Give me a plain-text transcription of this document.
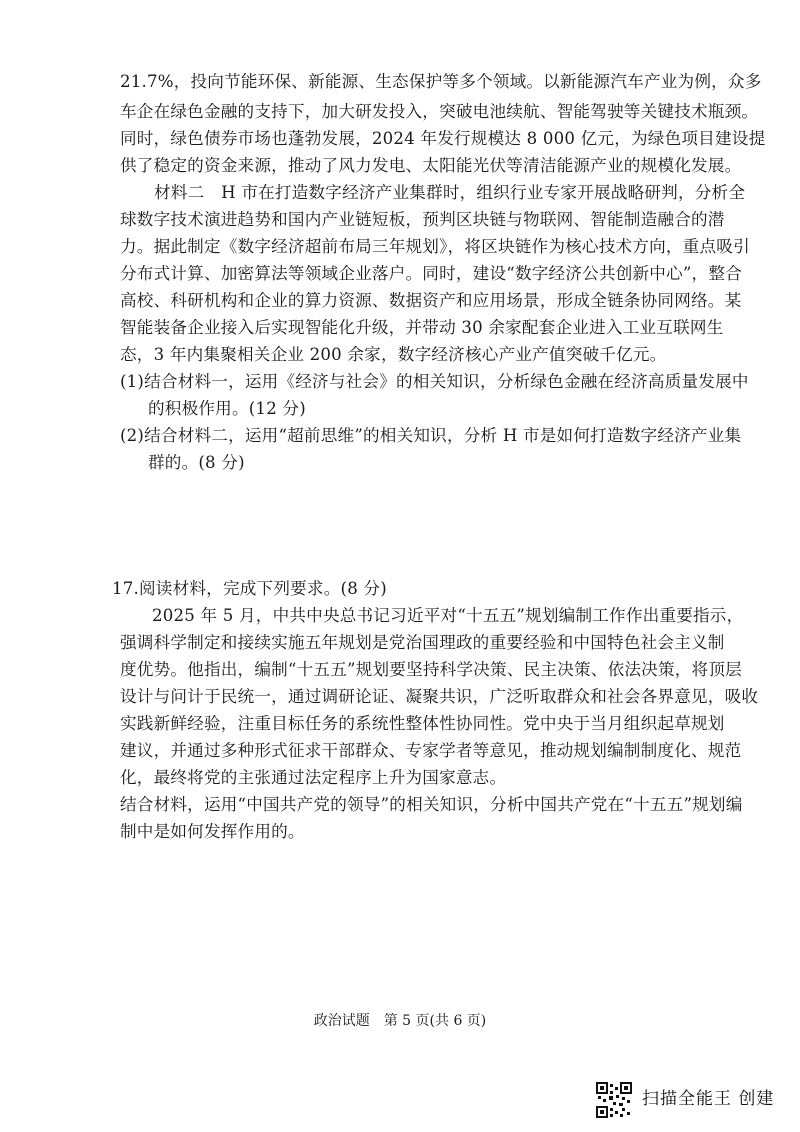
21.7%，投向节能环保、新能源、生态保护等多个领域。以新能源汽车产业为例，众多
车企在绿色金融的支持下，加大研发投入，突破电池续航、智能驾驶等关键技术瓶颈。
同时，绿色债券市场也蓬勃发展，2024 年发行规模达 8 000 亿元，为绿色项目建设提
供了稳定的资金来源，推动了风力发电、太阳能光伏等清洁能源产业的规模化发展。
材料二　H 市在打造数字经济产业集群时，组织行业专家开展战略研判，分析全
球数字技术演进趋势和国内产业链短板，预判区块链与物联网、智能制造融合的潜
力。据此制定《数字经济超前布局三年规划》，将区块链作为核心技术方向，重点吸引
分布式计算、加密算法等领域企业落户。同时，建设“数字经济公共创新中心”，整合
高校、科研机构和企业的算力资源、数据资产和应用场景，形成全链条协同网络。某
智能装备企业接入后实现智能化升级，并带动 30 余家配套企业进入工业互联网生
态，3 年内集聚相关企业 200 余家，数字经济核心产业产值突破千亿元。
(1)结合材料一，运用《经济与社会》的相关知识，分析绿色金融在经济高质量发展中
的积极作用。(12 分)
(2)结合材料二，运用“超前思维”的相关知识，分析 H 市是如何打造数字经济产业集
群的。(8 分)
17.阅读材料，完成下列要求。(8 分)
2025 年 5 月，中共中央总书记习近平对“十五五”规划编制工作作出重要指示，
强调科学制定和接续实施五年规划是党治国理政的重要经验和中国特色社会主义制
度优势。他指出，编制“十五五”规划要坚持科学决策、民主决策、依法决策，将顶层
设计与问计于民统一，通过调研论证、凝聚共识，广泛听取群众和社会各界意见，吸收
实践新鲜经验，注重目标任务的系统性整体性协同性。党中央于当月组织起草规划
建议，并通过多种形式征求干部群众、专家学者等意见，推动规划编制制度化、规范
化，最终将党的主张通过法定程序上升为国家意志。
结合材料，运用“中国共产党的领导”的相关知识，分析中国共产党在“十五五”规划编
制中是如何发挥作用的。
政治试题　第 5 页(共 6 页)
扫描全能王 创建
